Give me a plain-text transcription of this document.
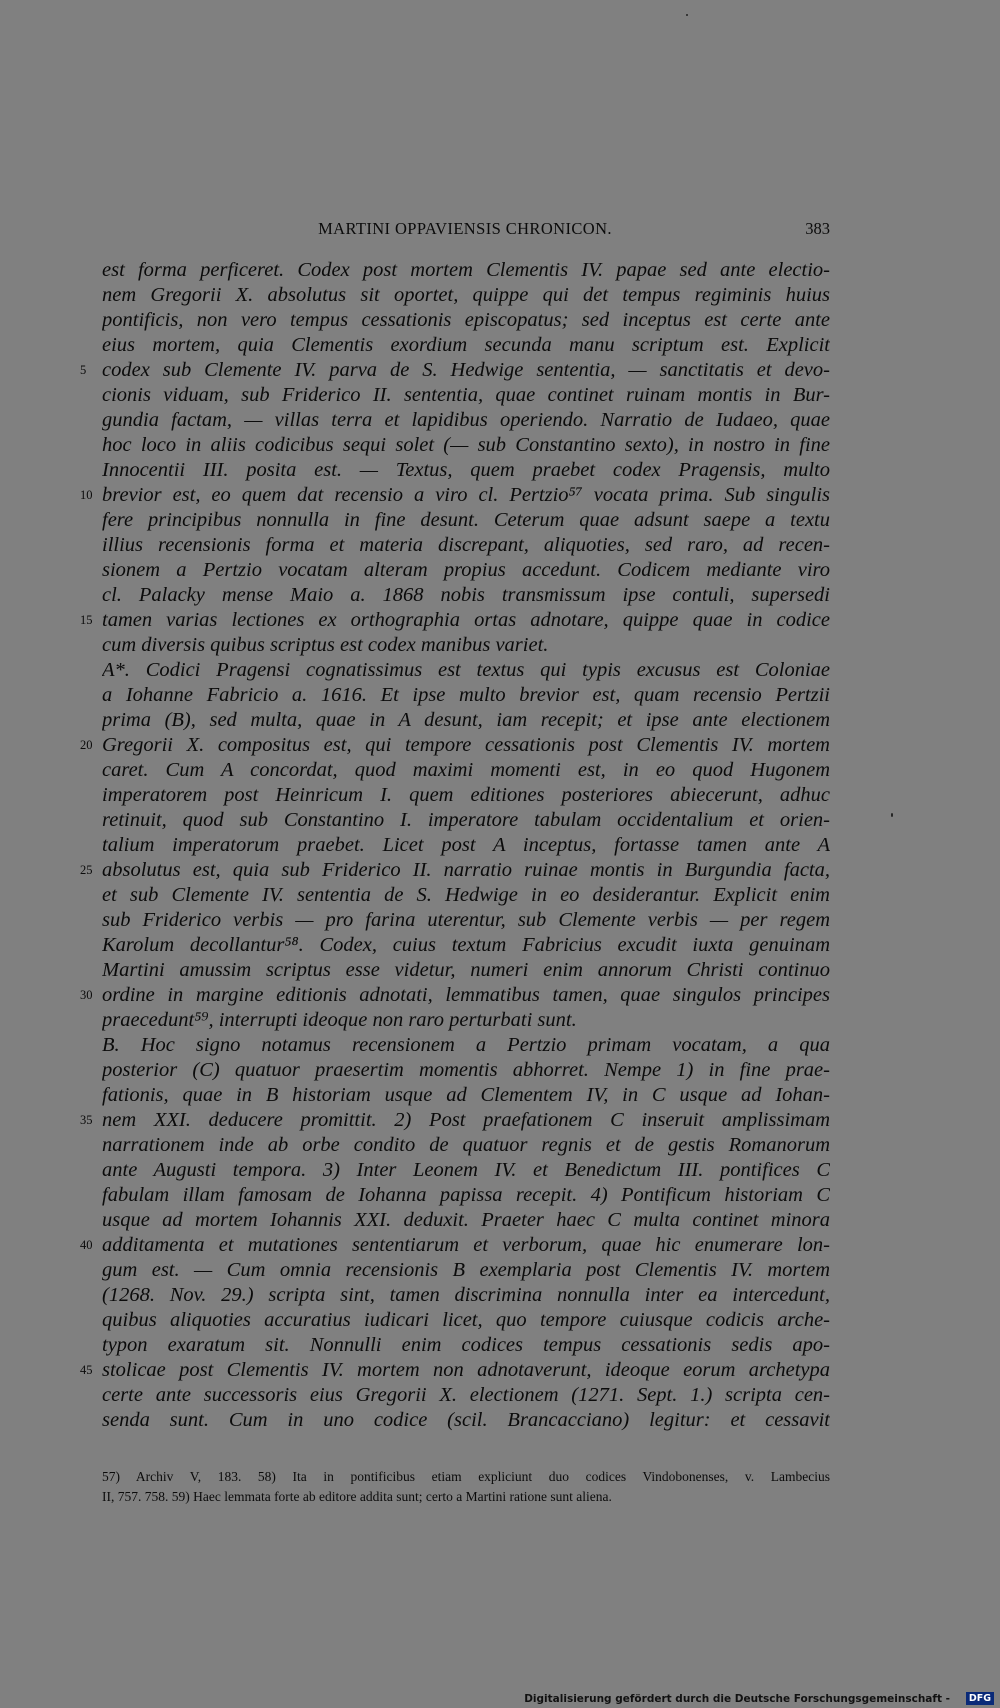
MARTINI OPPAVIENSIS CHRONICON.	383
est forma perficeret. Codex post mortem Clementis IV. papae sed ante electio-
nem Gregorii X. absolutus sit oportet, quippe qui det tempus regiminis huius
pontificis, non vero tempus cessationis episcopatus; sed inceptus est certe ante
eius mortem, quia Clementis exordium secunda manu scriptum est. Explicit
5 codex sub Clemente IV. parva de S. Hedwige sententia, — sanctitatis et devo-
cionis viduam, sub Friderico II. sententia, quae continet ruinam montis in Bur-
gundia factam, — villas terra et lapidibus operiendo. Narratio de Iudaeo, quae
hoc loco in aliis codicibus sequi solet (— sub Constantino sexto), in nostro in fine
Innocentii III. posita est. — Textus, quem praebet codex Pragensis, multo
10 brevior est, eo quem dat recensio a viro cl. Pertzio⁵⁷ vocata prima. Sub singulis
fere principibus nonnulla in fine desunt. Ceterum quae adsunt saepe a textu
illius recensionis forma et materia discrepant, aliquoties, sed raro, ad recen-
sionem a Pertzio vocatam alteram propius accedunt. Codicem mediante viro
cl. Palacky mense Maio a. 1868 nobis transmissum ipse contuli, supersedi
15 tamen varias lectiones ex orthographia ortas adnotare, quippe quae in codice
cum diversis quibus scriptus est codex manibus variet.
A*. Codici Pragensi cognatissimus est textus qui typis excusus est Coloniae
a Iohanne Fabricio a. 1616. Et ipse multo brevior est, quam recensio Pertzii
prima (B), sed multa, quae in A desunt, iam recepit; et ipse ante electionem
20 Gregorii X. compositus est, qui tempore cessationis post Clementis IV. mortem
caret. Cum A concordat, quod maximi momenti est, in eo quod Hugonem
imperatorem post Heinricum I. quem editiones posteriores abiecerunt, adhuc
retinuit, quod sub Constantino I. imperatore tabulam occidentalium et orien-
talium imperatorum praebet. Licet post A inceptus, fortasse tamen ante A
25 absolutus est, quia sub Friderico II. narratio ruinae montis in Burgundia facta,
et sub Clemente IV. sententia de S. Hedwige in eo desiderantur. Explicit enim
sub Friderico verbis — pro farina uterentur, sub Clemente verbis — per regem
Karolum decollantur⁵⁸. Codex, cuius textum Fabricius excudit iuxta genuinam
Martini amussim scriptus esse videtur, numeri enim annorum Christi continuo
30 ordine in margine editionis adnotati, lemmatibus tamen, quae singulos principes
praecedunt⁵⁹, interrupti ideoque non raro perturbati sunt.
B. Hoc signo notamus recensionem a Pertzio primam vocatam, a qua
posterior (C) quatuor praesertim momentis abhorret. Nempe 1) in fine prae-
fationis, quae in B historiam usque ad Clementem IV, in C usque ad Iohan-
35 nem XXI. deducere promittit. 2) Post praefationem C inseruit amplissimam
narrationem inde ab orbe condito de quatuor regnis et de gestis Romanorum
ante Augusti tempora. 3) Inter Leonem IV. et Benedictum III. pontifices C
fabulam illam famosam de Iohanna papissa recepit. 4) Pontificum historiam C
usque ad mortem Iohannis XXI. deduxit. Praeter haec C multa continet minora
40 additamenta et mutationes sententiarum et verborum, quae hic enumerare lon-
gum est. — Cum omnia recensionis B exemplaria post Clementis IV. mortem
(1268. Nov. 29.) scripta sint, tamen discrimina nonnulla inter ea intercedunt,
quibus aliquoties accuratius iudicari licet, quo tempore cuiusque codicis arche-
typon exaratum sit. Nonnulli enim codices tempus cessationis sedis apo-
45 stolicae post Clementis IV. mortem non adnotaverunt, ideoque eorum archetypa
certe ante successoris eius Gregorii X. electionem (1271. Sept. 1.) scripta cen-
senda sunt. Cum in uno codice (scil. Brancacciano) legitur: et cessavit
57) Archiv V, 183. 58) Ita in pontificibus etiam expliciunt duo codices Vindobonenses, v. Lambecius
II, 757. 758. 59) Haec lemmata forte ab editore addita sunt; certo a Martini ratione sunt aliena.
Digitalisierung gefördert durch die Deutsche Forschungsgemeinschaft -	DFG
